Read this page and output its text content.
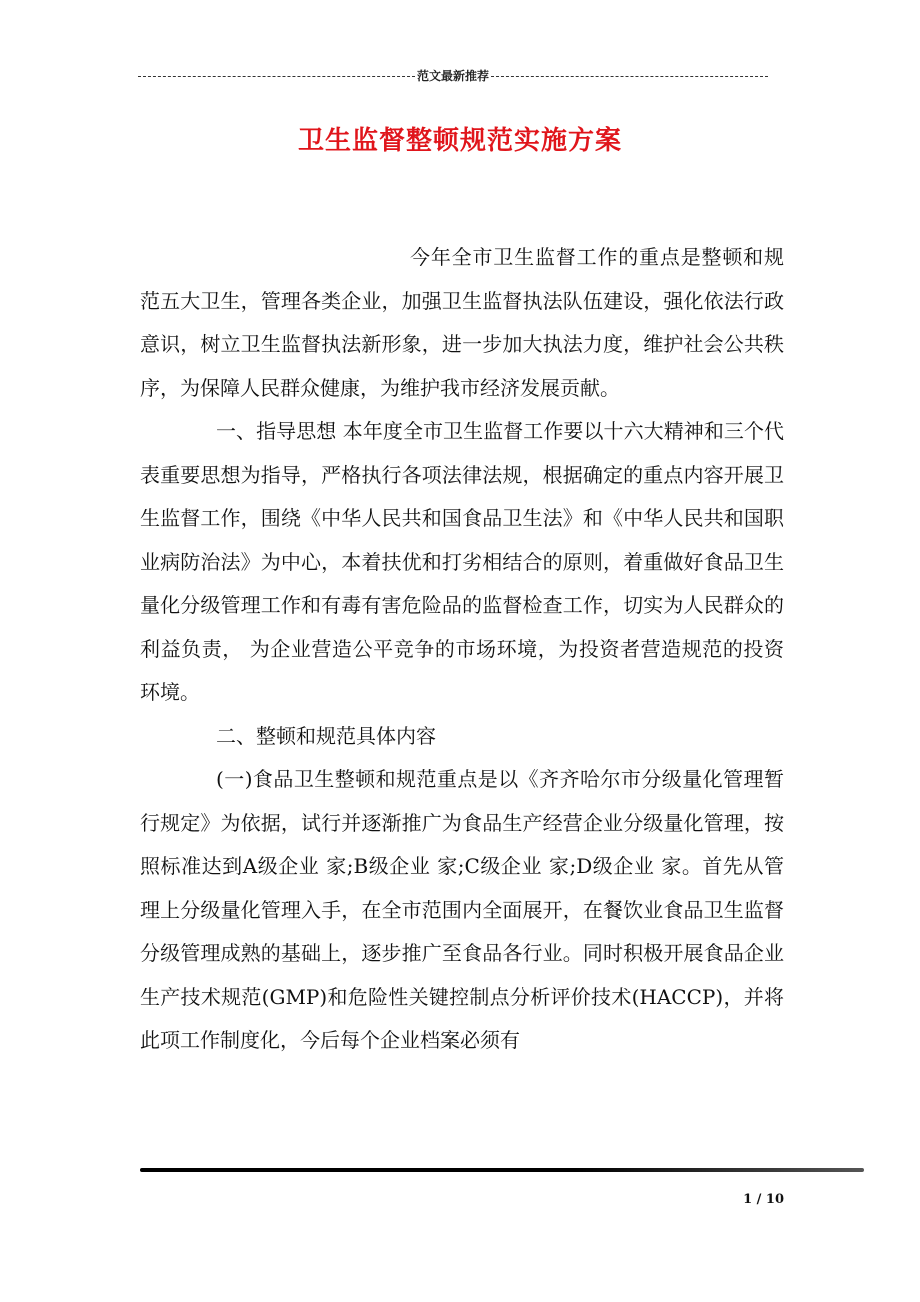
范文最新推荐
卫生监督整顿规范实施方案

今年全市卫生监督工作的重点是整顿和规范五大卫生，管理各类企业，加强卫生监督执法队伍建设，强化依法行政意识，树立卫生监督执法新形象，进一步加大执法力度，维护社会公共秩序，为保障人民群众健康，为维护我市经济发展贡献。

一、指导思想 本年度全市卫生监督工作要以十六大精神和三个代表重要思想为指导，严格执行各项法律法规，根据确定的重点内容开展卫生监督工作，围绕《中华人民共和国食品卫生法》和《中华人民共和国职业病防治法》为中心，本着扶优和打劣相结合的原则，着重做好食品卫生量化分级管理工作和有毒有害危险品的监督检查工作，切实为人民群众的利益负责， 为企业营造公平竞争的市场环境，为投资者营造规范的投资环境。

二、整顿和规范具体内容

(一)食品卫生整顿和规范重点是以《齐齐哈尔市分级量化管理暂行规定》为依据，试行并逐渐推广为食品生产经营企业分级量化管理，按照标准达到A级企业 家;B级企业 家;C级企业 家;D级企业 家。首先从管理上分级量化管理入手，在全市范围内全面展开，在餐饮业食品卫生监督分级管理成熟的基础上，逐步推广至食品各行业。同时积极开展食品企业生产技术规范(GMP)和危险性关键控制点分析评价技术(HACCP)，并将此项工作制度化，今后每个企业档案必须有

1 / 10
